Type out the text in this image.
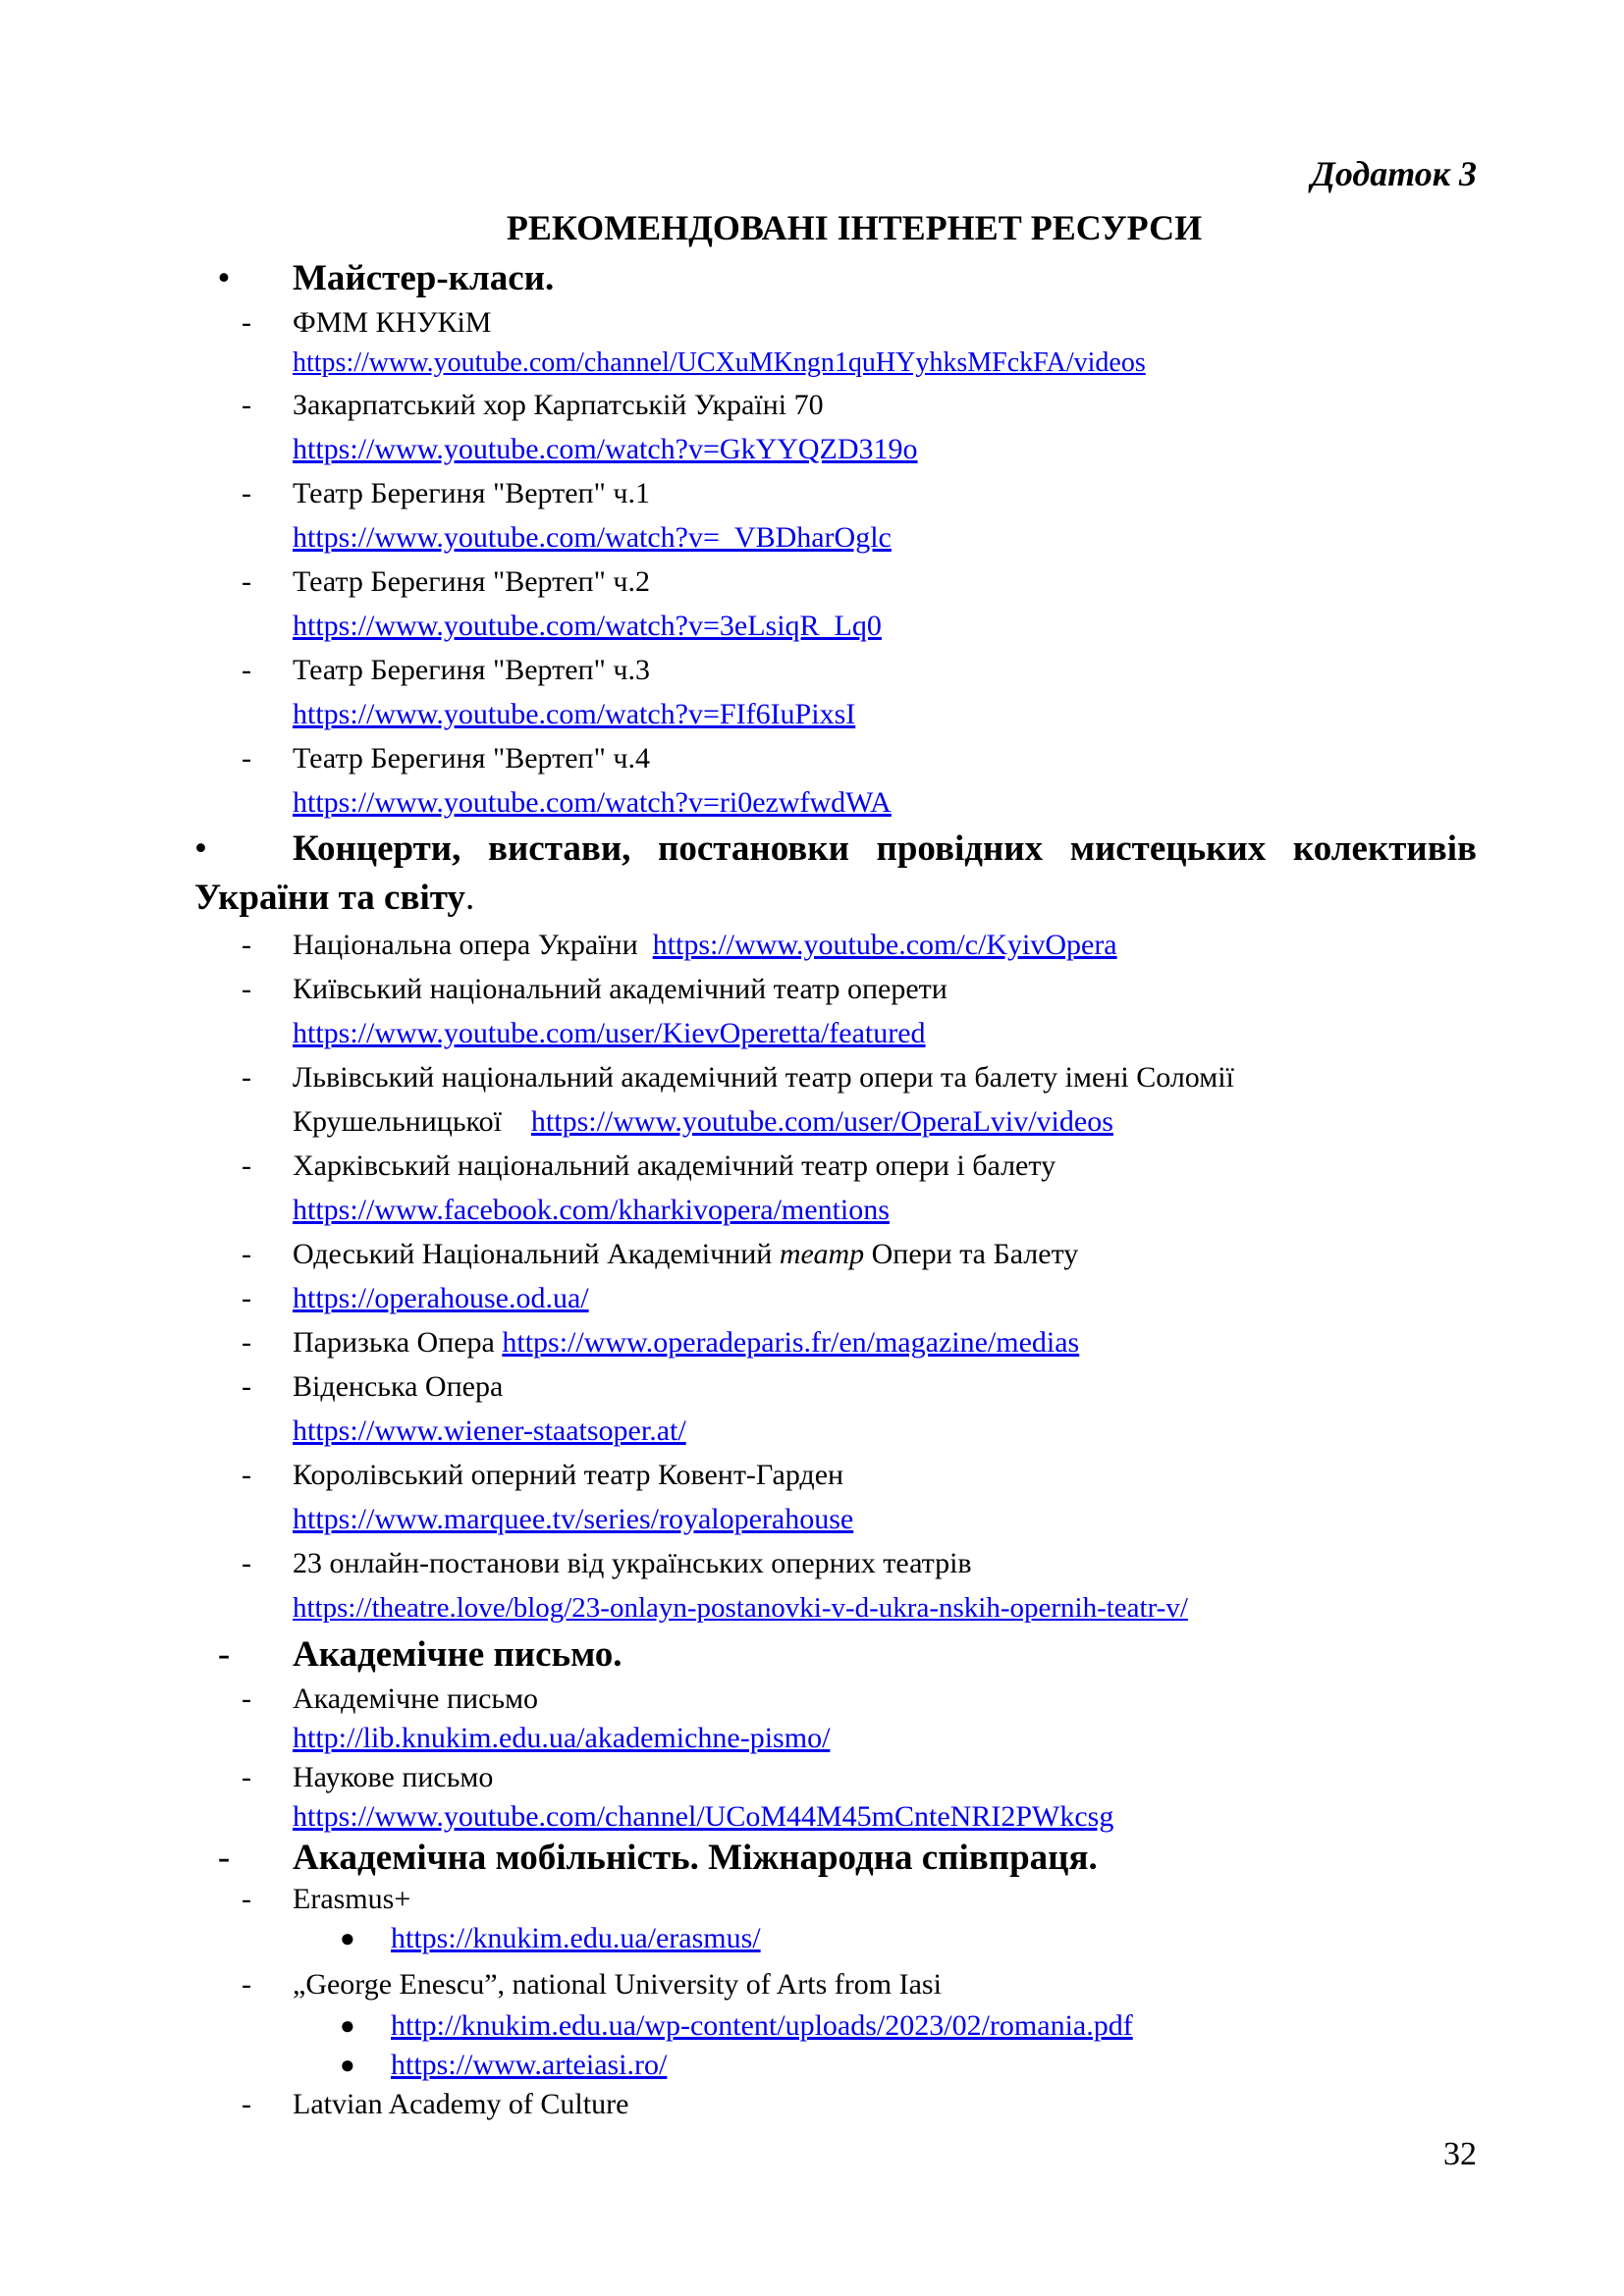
Додаток 3
РЕКОМЕНДОВАНІ ІНТЕРНЕТ РЕСУРСИ
•	Майстер-класи.
- ФММ КНУКіМ
https://www.youtube.com/channel/UCXuMKngn1quHYyhksMFckFA/videos
- Закарпатський хор Карпатській Україні 70
https://www.youtube.com/watch?v=GkYYQZD319o
- Театр Берегиня "Вертеп" ч.1
https://www.youtube.com/watch?v=_VBDharOglc
- Театр Берегиня "Вертеп" ч.2
https://www.youtube.com/watch?v=3eLsiqR_Lq0
- Театр Берегиня "Вертеп" ч.3
https://www.youtube.com/watch?v=FIf6IuPixsI
- Театр Берегиня "Вертеп" ч.4
https://www.youtube.com/watch?v=ri0ezwfwdWA
•	Концерти, вистави, постановки провідних мистецьких колективів України та світу.
- Національна опера України https://www.youtube.com/c/KyivOpera
- Київський національний академічний театр оперети
https://www.youtube.com/user/KievOperetta/featured
- Львівський національний академічний театр опери та балету імені Соломії Крушельницької https://www.youtube.com/user/OperaLviv/videos
- Харківський національний академічний театр опери і балету
https://www.facebook.com/kharkivopera/mentions
- Одеський Національний Академічний театр Опери та Балету
- https://operahouse.od.ua/
- Паризька Опера https://www.operadeparis.fr/en/magazine/medias
- Віденська Опера
https://www.wiener-staatsoper.at/
- Королівський оперний театр Ковент-Гарден
https://www.marquee.tv/series/royaloperahouse
- 23 онлайн-постанови від українських оперних театрів
https://theatre.love/blog/23-onlayn-postanovki-v-d-ukra-nskih-opernih-teatr-v/
-	Академічне письмо.
- Академічне письмо
http://lib.knukim.edu.ua/akademichne-pismo/
- Наукове письмо
https://www.youtube.com/channel/UCoM44M45mCnteNRI2PWkcsg
-	Академічна мобільність. Міжнародна співпраця.
- Erasmus+
● https://knukim.edu.ua/erasmus/
- „George Enescu”, national University of Arts from Iasi
● http://knukim.edu.ua/wp-content/uploads/2023/02/romania.pdf
● https://www.arteiasi.ro/
- Latvian Academy of Culture
32
